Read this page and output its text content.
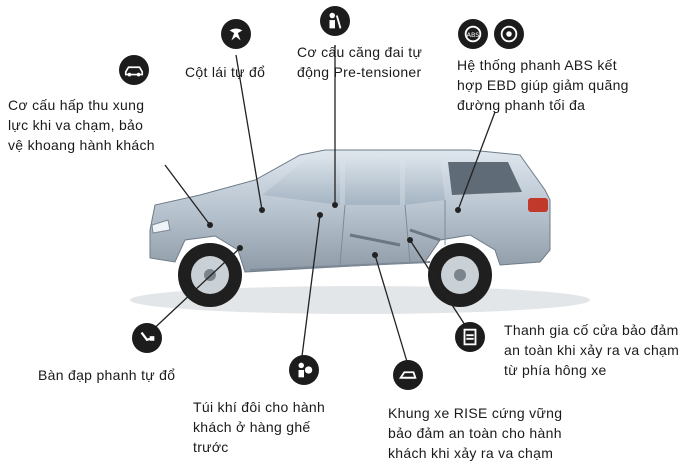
ABS
Cột lái tự đổ
Cơ cấu căng đai tự động Pre-tensioner	Hệ thống phanh ABS kết hợp EBD giúp giảm quãng đường phanh tối đa
Cơ cấu hấp thu xung lực khi va chạm, bảo vệ khoang hành khách
Thanh gia cố cửa bảo đảm an toàn khi xảy ra va chạm từ phía hông xe
Bàn đạp phanh tự đổ
Túi khí đôi cho hành khách ở hàng ghế trước
Khung xe RISE cứng vững bảo đảm an toàn cho hành khách khi xảy ra va chạm
